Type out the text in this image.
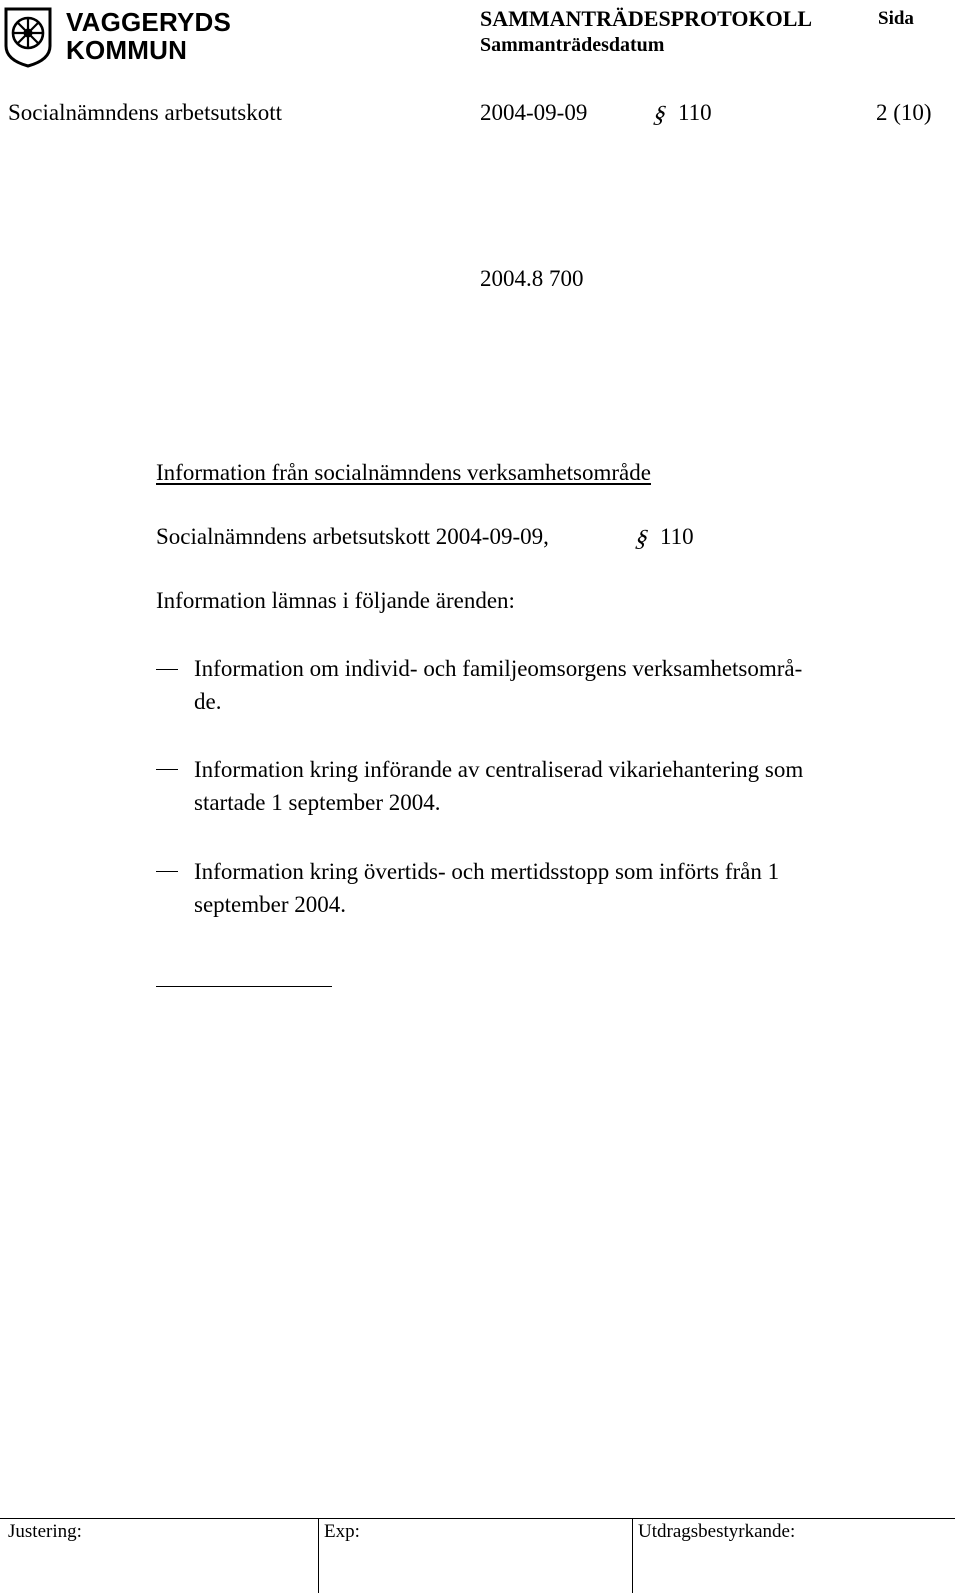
VAGGERYDS
KOMMUN
SAMMANTRÄDESPROTOKOLL	Sida
Sammanträdesdatum
Socialnämndens arbetsutskott	2004-09-09	§ 110	2 (10)
2004.8 700
Information från socialnämndens verksamhetsområde
Socialnämndens arbetsutskott 2004-09-09,	§ 110
Information lämnas i följande ärenden:
Information om individ- och familjeomsorgens verksamhetsområ-
de.
Information kring införande av centraliserad vikariehantering som
startade 1 september 2004.
Information kring övertids- och mertidsstopp som införts från 1
september 2004.
Justering:	Exp:	Utdragsbestyrkande:
